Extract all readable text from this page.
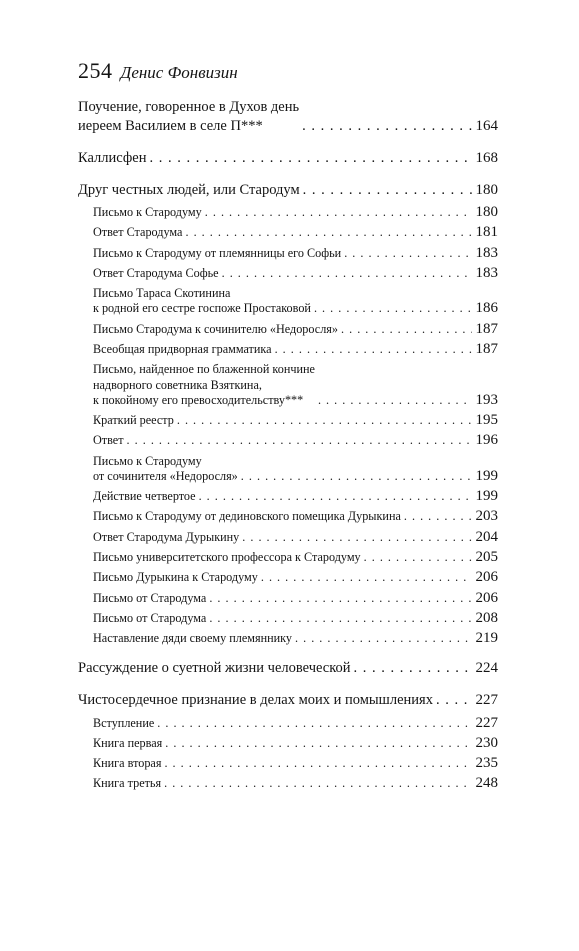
254 Денис Фонвизин
Поучение, говоренное в Духов день
иереем Василием в селе П*** . . .	164
Каллисфен . . .	168
Друг честных людей, или Стародум . . .	180
Письмо к Стародуму . . .	180
Ответ Стародума . . .	181
Письмо к Стародуму от племянницы его Софьи . . .	183
Ответ Стародума Софье . . .	183
Письмо Тараса Скотинина
к родной его сестре госпоже Простаковой . . .	186
Письмо Стародума к сочинителю «Недоросля» . . .	187
Всеобщая придворная грамматика . . .	187
Письмо, найденное по блаженной кончине
надворного советника Взяткина,
к покойному его превосходительству*** . . .	193
Краткий реестр . . .	195
Ответ . . .	196
Письмо к Стародуму
от сочинителя «Недоросля» . . .	199
Действие четвертое . . .	199
Письмо к Стародуму от дединовского помещика Дурыкина . . .	203
Ответ Стародума Дурыкину . . .	204
Письмо университетского профессора к Стародуму . . .	205
Письмо Дурыкина к Стародуму . . .	206
Письмо от Стародума . . .	206
Письмо от Стародума . . .	208
Наставление дяди своему племяннику . . .	219
Рассуждение о суетной жизни человеческой . . .	224
Чистосердечное признание в делах моих и помышлениях . . .	227
Вступление . . .	227
Книга первая . . .	230
Книга вторая . . .	235
Книга третья . . .	248
